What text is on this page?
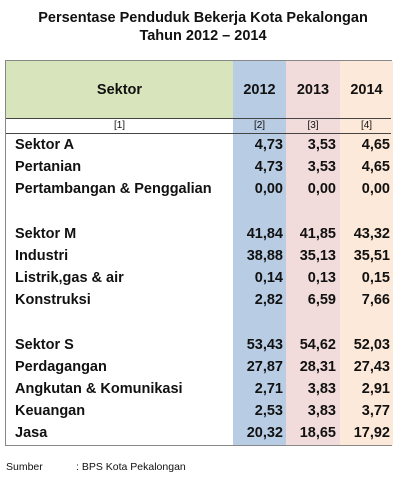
Persentase Penduduk Bekerja Kota Pekalongan
Tahun 2012 – 2014
Sektor	2012	2013	2014
[1]	[2]	[3]	[4]
Sektor A	4,73	3,53	4,65
Pertanian	4,73	3,53	4,65
Pertambangan & Penggalian	0,00	0,00	0,00
Sektor M	41,84	41,85	43,32
Industri	38,88	35,13	35,51
Listrik,gas & air	0,14	0,13	0,15
Konstruksi	2,82	6,59	7,66
Sektor S	53,43	54,62	52,03
Perdagangan	27,87	28,31	27,43
Angkutan & Komunikasi	2,71	3,83	2,91
Keuangan	2,53	3,83	3,77
Jasa	20,32	18,65	17,92
Sumber	: BPS Kota Pekalongan
